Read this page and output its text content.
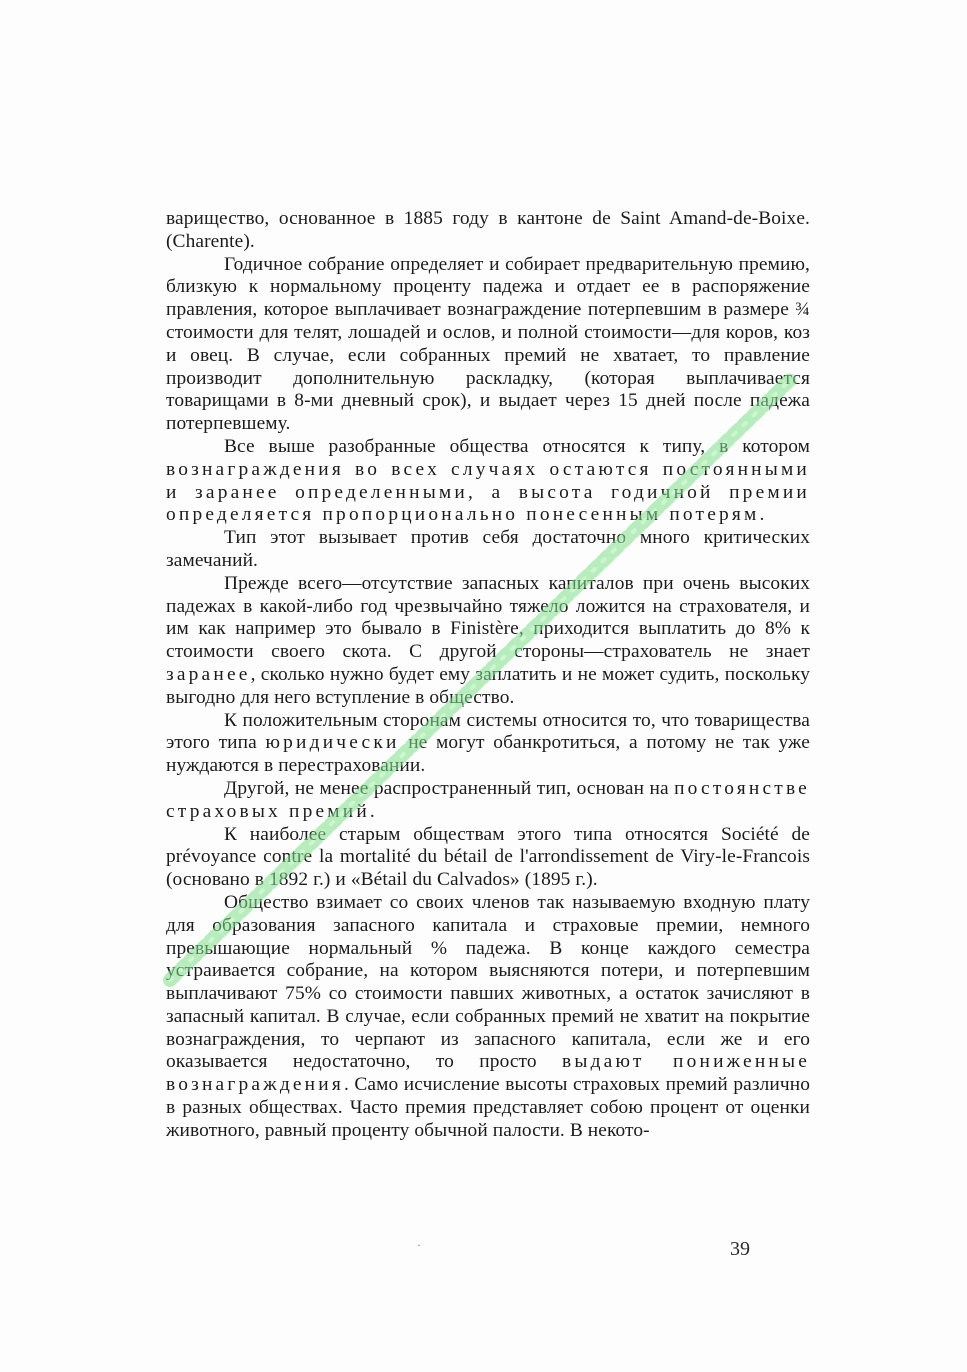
варищество, основанное в 1885 году в кантоне de Saint Amand-de-Boixe. (Charente).

Годичное собрание определяет и собирает предварительную премию, близкую к нормальному проценту падежа и отдает ее в распоряжение правления, которое выплачивает вознаграждение потерпевшим в размере ¾ стоимости для телят, лошадей и ослов, и полной стоимости—для коров, коз и овец. В случае, если собранных премий не хватает, то правление производит дополнительную раскладку, (которая выплачивается товарищами в 8-ми дневный срок), и выдает через 15 дней после падежа потерпевшему.

Все выше разобранные общества относятся к типу, в котором вознаграждения во всех случаях остаются постоянными и заранее определенными, а высота годичной премии определяется пропорционально понесенным потерям.

Тип этот вызывает против себя достаточно много критических замечаний.

Прежде всего—отсутствие запасных капиталов при очень высоких падежах в какой-либо год чрезвычайно тяжело ложится на страхователя, и им как например это бывало в Finistère, приходится выплатить до 8% к стоимости своего скота. С другой стороны—страхователь не знает заранее, сколько нужно будет ему заплатить и не может судить, поскольку выгодно для него вступление в общество.

К положительным сторонам системы относится то, что товарищества этого типа юридически не могут обанкротиться, а потому не так уже нуждаются в перестраховании.

Другой, не менее распространенный тип, основан на постоянстве страховых премий.

К наиболее старым обществам этого типа относятся Société de prévoyance contre la mortalité du bétail de l'arrondissement de Viry-le-Francois (основано в 1892 г.) и «Bétail du Calvados» (1895 г.).

Общество взимает со своих членов так называемую входную плату для образования запасного капитала и страховые премии, немного превышающие нормальный % падежа. В конце каждого семестра устраивается собрание, на котором выясняются потери, и потерпевшим выплачивают 75% со стоимости павших животных, а остаток зачисляют в запасный капитал. В случае, если собранных премий не хватит на покрытие вознаграждения, то черпают из запасного капитала, если же и его оказывается недостаточно, то просто выдают пониженные вознаграждения. Само исчисление высоты страховых премий различно в разных обществах. Часто премия представляет собою процент от оценки животного, равный проценту обычной палости. В некото-

·	39
